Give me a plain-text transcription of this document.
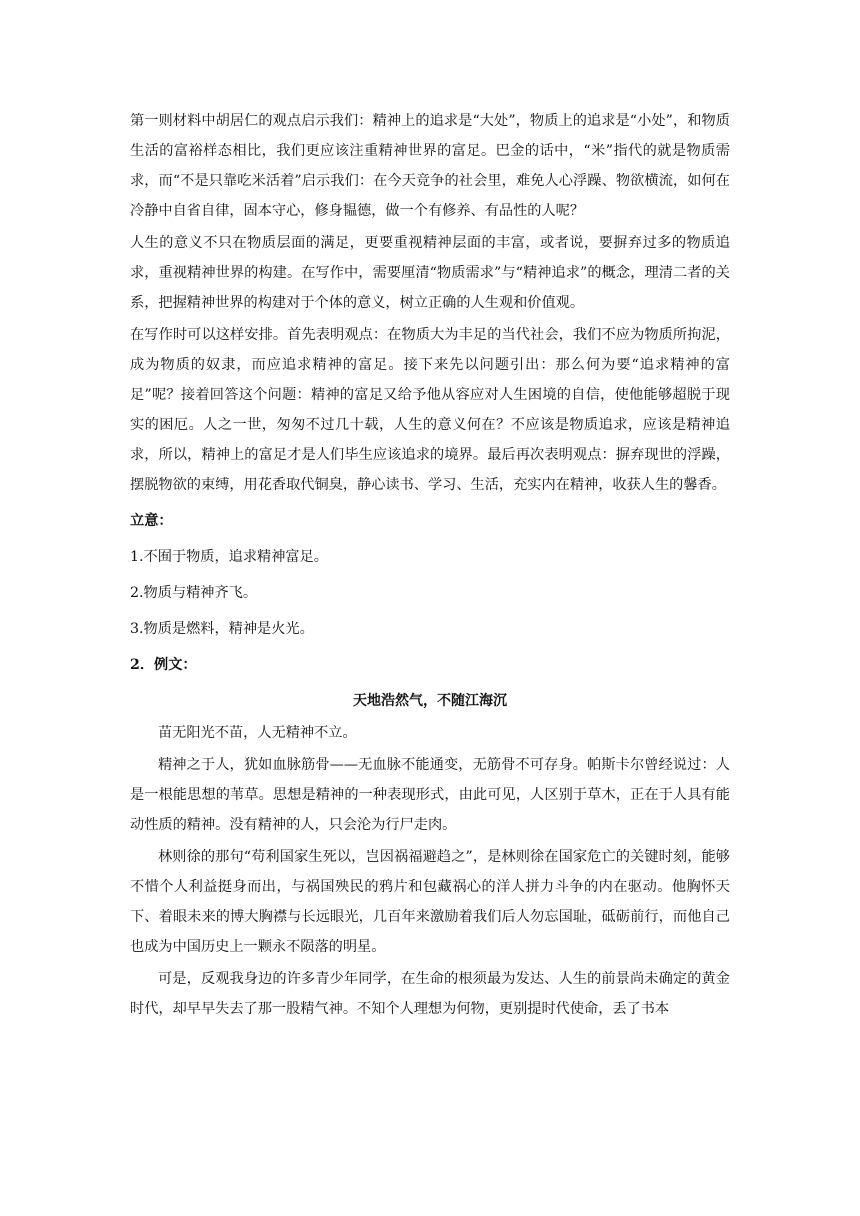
第一则材料中胡居仁的观点启示我们：精神上的追求是“大处”，物质上的追求是“小处”，和物质生活的富裕样态相比，我们更应该注重精神世界的富足。巴金的话中，“米”指代的就是物质需求，而“不是只靠吃米活着”启示我们：在今天竞争的社会里，难免人心浮躁、物欲横流，如何在冷静中自省自律，固本守心，修身韫德，做一个有修养、有品性的人呢？

人生的意义不只在物质层面的满足，更要重视精神层面的丰富，或者说，要摒弃过多的物质追求，重视精神世界的构建。在写作中，需要厘清“物质需求”与“精神追求”的概念，理清二者的关系，把握精神世界的构建对于个体的意义，树立正确的人生观和价值观。

在写作时可以这样安排。首先表明观点：在物质大为丰足的当代社会，我们不应为物质所拘泥，成为物质的奴隶，而应追求精神的富足。接下来先以问题引出：那么何为要“追求精神的富足”呢？接着回答这个问题：精神的富足又给予他从容应对人生困境的自信，使他能够超脱于现实的困厄。人之一世，匆匆不过几十载，人生的意义何在？不应该是物质追求，应该是精神追求，所以，精神上的富足才是人们毕生应该追求的境界。最后再次表明观点：摒弃现世的浮躁，摆脱物欲的束缚，用花香取代铜臭，静心读书、学习、生活，充实内在精神，收获人生的馨香。

立意：

1.不囿于物质，追求精神富足。

2.物质与精神齐飞。

3.物质是燃料，精神是火光。

2．例文：

天地浩然气，不随江海沉

苗无阳光不苗，人无精神不立。

精神之于人，犹如血脉筋骨——无血脉不能通变，无筋骨不可存身。帕斯卡尔曾经说过：人是一根能思想的苇草。思想是精神的一种表现形式，由此可见，人区别于草木，正在于人具有能动性质的精神。没有精神的人，只会沦为行尸走肉。

林则徐的那句“苟利国家生死以，岂因祸福避趋之”，是林则徐在国家危亡的关键时刻，能够不惜个人利益挺身而出，与祸国殃民的鸦片和包藏祸心的洋人拼力斗争的内在驱动。他胸怀天下、着眼未来的博大胸襟与长远眼光，几百年来激励着我们后人勿忘国耻，砥砺前行，而他自己也成为中国历史上一颗永不陨落的明星。

可是，反观我身边的许多青少年同学，在生命的根须最为发达、人生的前景尚未确定的黄金时代，却早早失去了那一股精气神。不知个人理想为何物，更别提时代使命，丢了书本
